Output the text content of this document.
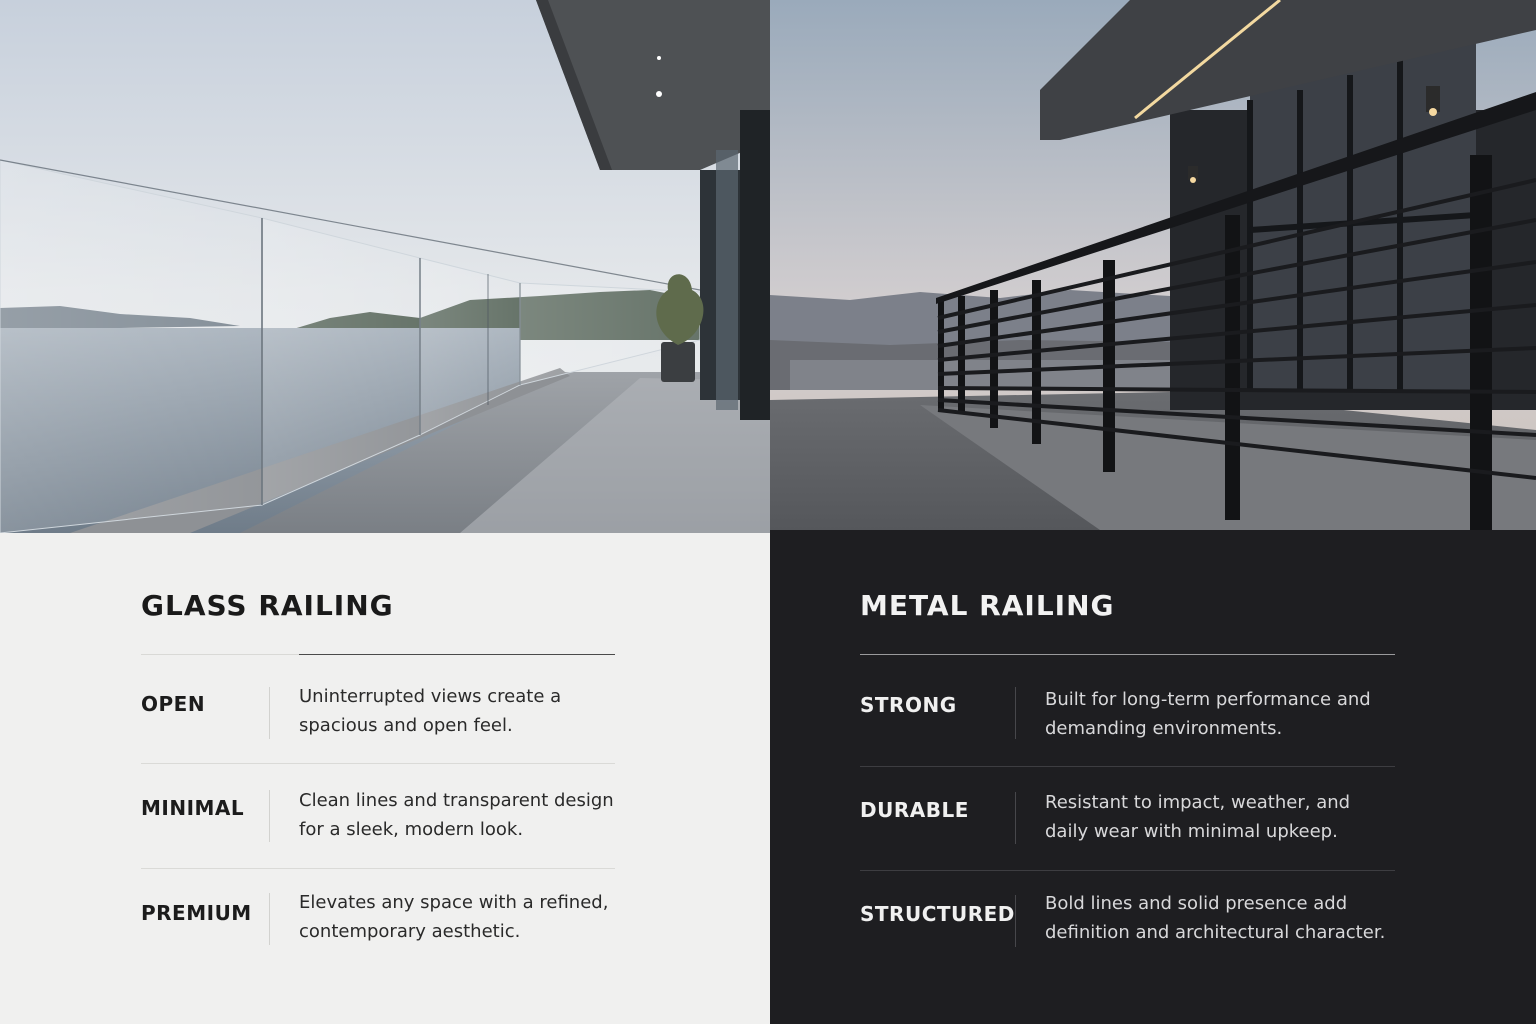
GLASS RAILING
OPEN	Uninterrupted views create a spacious and open feel.
MINIMAL	Clean lines and transparent design for a sleek, modern look.
PREMIUM	Elevates any space with a refined, contemporary aesthetic.
METAL RAILING
STRONG	Built for long-term performance and demanding environments.
DURABLE	Resistant to impact, weather, and daily wear with minimal upkeep.
STRUCTURED Bold lines and solid presence add definition and architectural character.
